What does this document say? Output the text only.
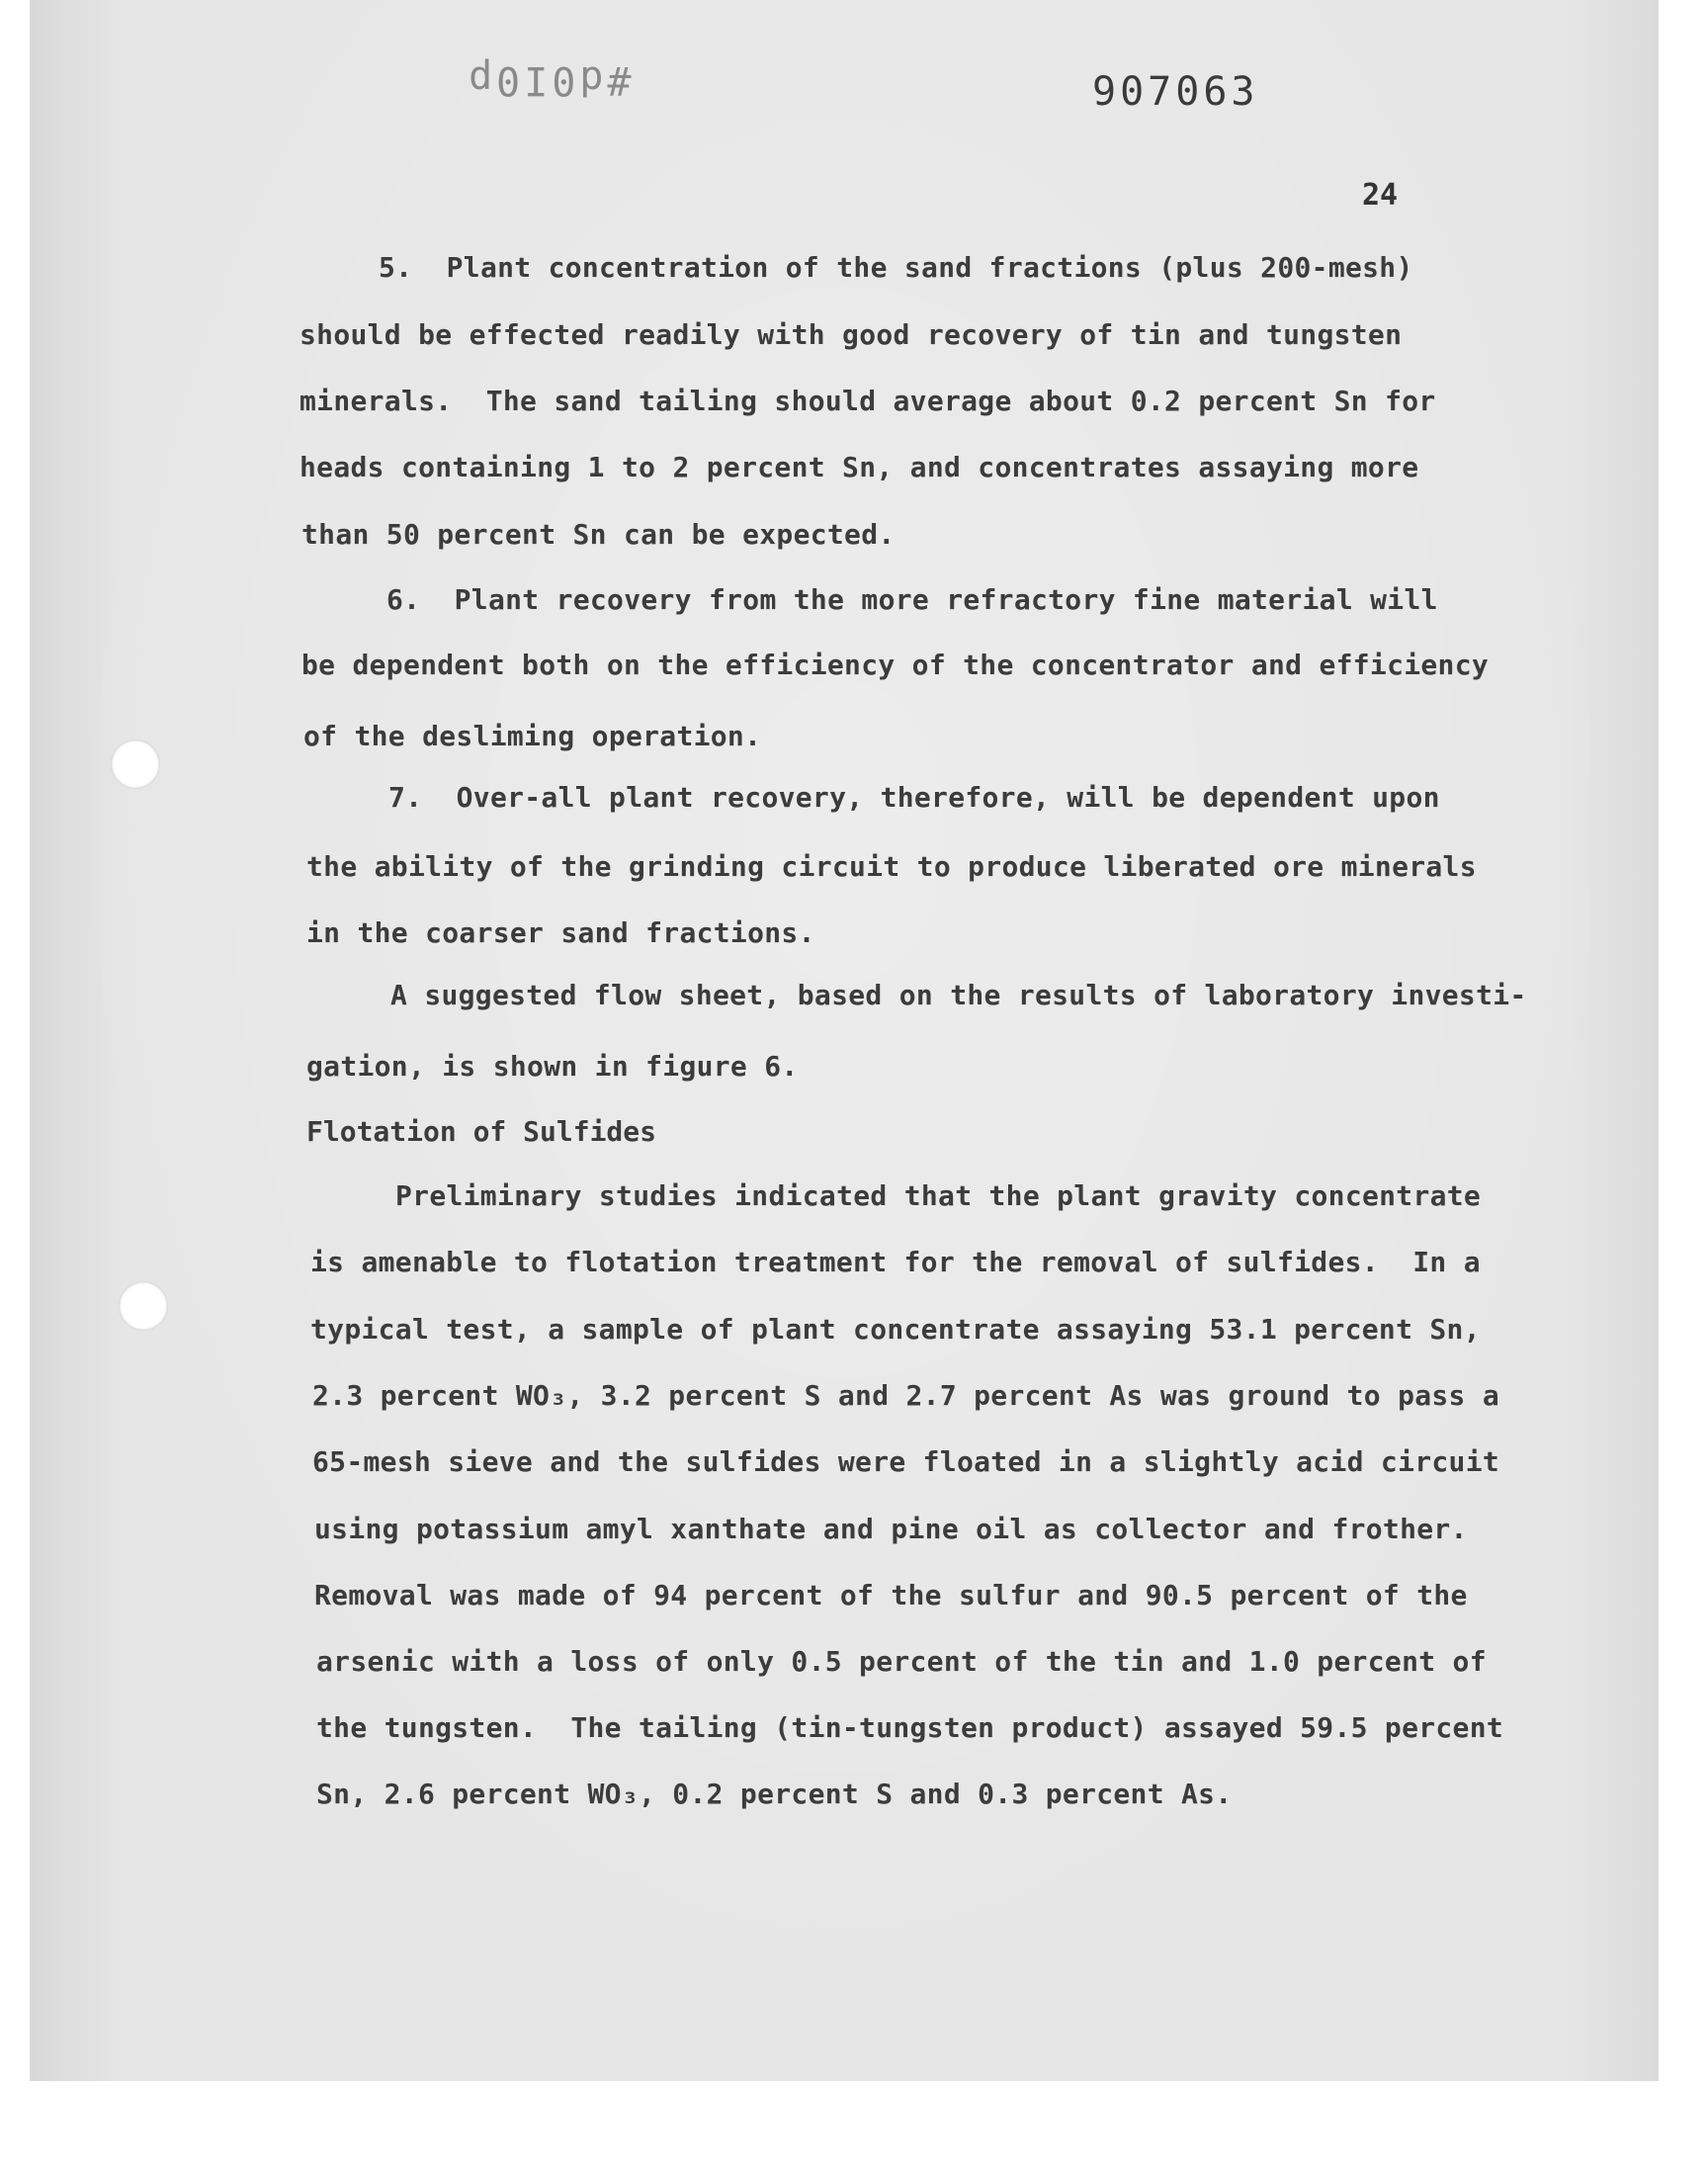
#d0I0p	907063
24
5.  Plant concentration of the sand fractions (plus 200-mesh)
should be effected readily with good recovery of tin and tungsten
minerals.  The sand tailing should average about 0.2 percent Sn for
heads containing 1 to 2 percent Sn, and concentrates assaying more
than 50 percent Sn can be expected.
6.  Plant recovery from the more refractory fine material will
be dependent both on the efficiency of the concentrator and efficiency
of the desliming operation.
7.  Over-all plant recovery, therefore, will be dependent upon
the ability of the grinding circuit to produce liberated ore minerals
in the coarser sand fractions.
A suggested flow sheet, based on the results of laboratory investi-
gation, is shown in figure 6.
Flotation of Sulfides
Preliminary studies indicated that the plant gravity concentrate
is amenable to flotation treatment for the removal of sulfides.  In a
typical test, a sample of plant concentrate assaying 53.1 percent Sn,
2.3 percent WO₃, 3.2 percent S and 2.7 percent As was ground to pass a
65-mesh sieve and the sulfides were floated in a slightly acid circuit
using potassium amyl xanthate and pine oil as collector and frother.
Removal was made of 94 percent of the sulfur and 90.5 percent of the
arsenic with a loss of only 0.5 percent of the tin and 1.0 percent of
the tungsten.  The tailing (tin-tungsten product) assayed 59.5 percent
Sn, 2.6 percent WO₃, 0.2 percent S and 0.3 percent As.
